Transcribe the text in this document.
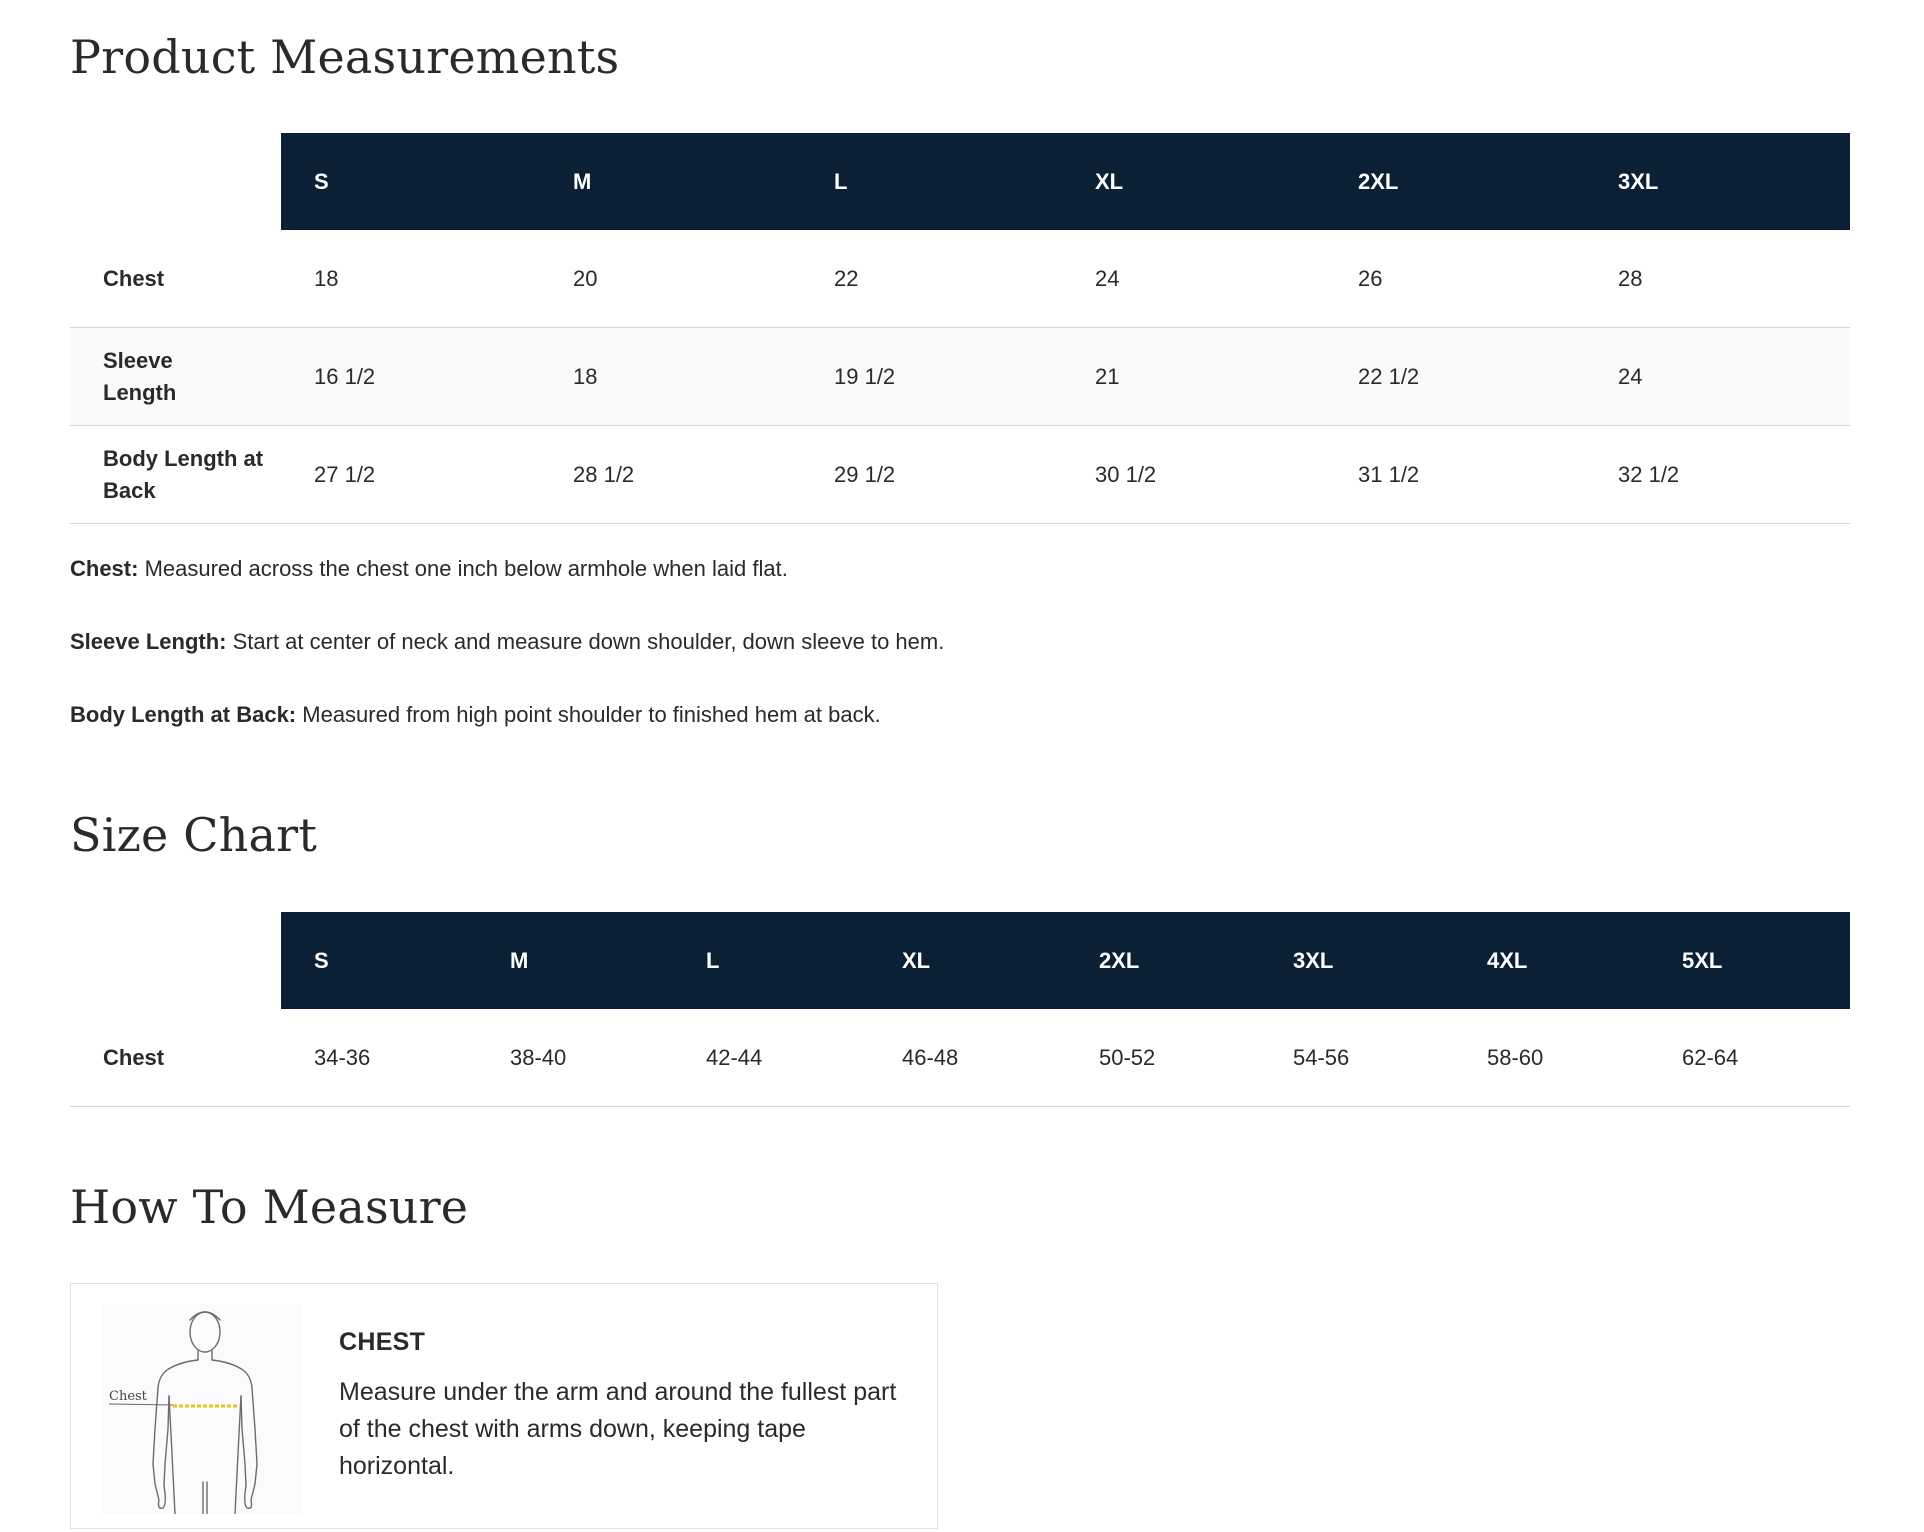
Product Measurements
	S	M	L	XL	2XL	3XL
Chest	18	20	22	24	26	28
Sleeve Length	16 1/2	18	19 1/2	21	22 1/2	24
Body Length at Back	27 1/2	28 1/2	29 1/2	30 1/2	31 1/2	32 1/2

Chest: Measured across the chest one inch below armhole when laid flat.

Sleeve Length: Start at center of neck and measure down shoulder, down sleeve to hem.

Body Length at Back: Measured from high point shoulder to finished hem at back.

Size Chart
	S	M	L	XL	2XL	3XL	4XL	5XL
Chest	34-36	38-40	42-44	46-48	50-52	54-56	58-60	62-64
How To Measure
Chest
CHEST
Measure under the arm and around the fullest part of the chest with arms down, keeping tape horizontal.
